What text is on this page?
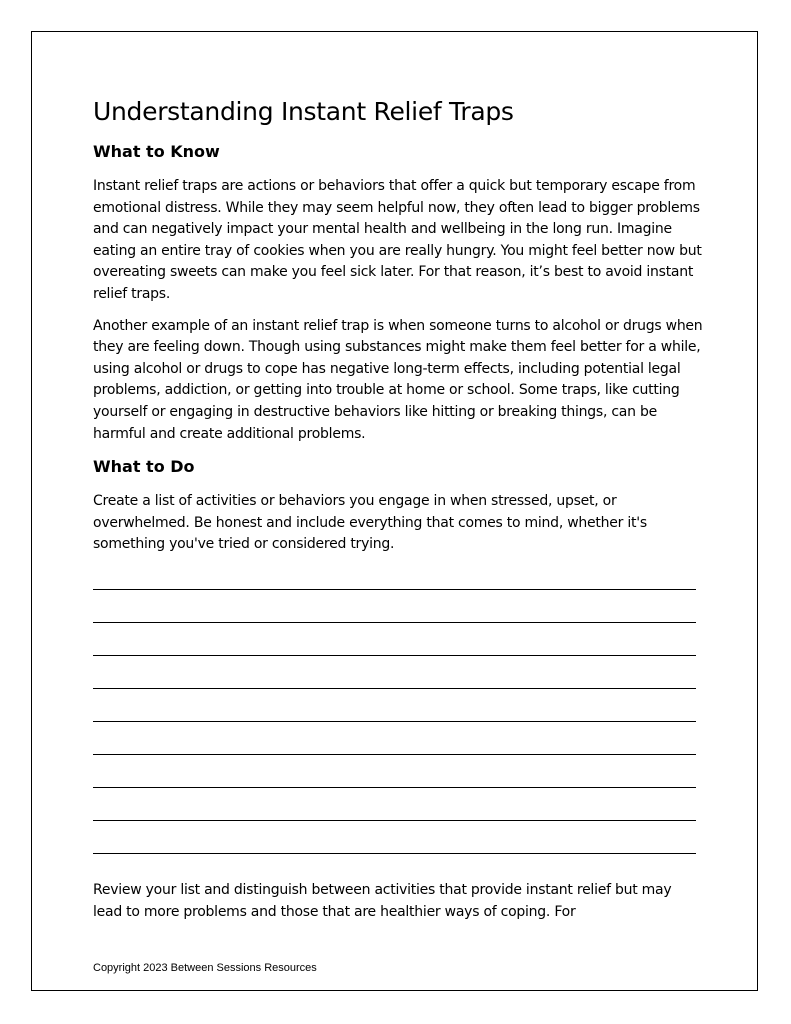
Understanding Instant Relief Traps
What to Know

Instant relief traps are actions or behaviors that offer a quick but temporary escape from emotional distress. While they may seem helpful now, they often lead to bigger problems and can negatively impact your mental health and wellbeing in the long run. Imagine eating an entire tray of cookies when you are really hungry. You might feel better now but overeating sweets can make you feel sick later. For that reason, it’s best to avoid instant relief traps.

Another example of an instant relief trap is when someone turns to alcohol or drugs when they are feeling down. Though using substances might make them feel better for a while, using alcohol or drugs to cope has negative long-term effects, including potential legal problems, addiction, or getting into trouble at home or school. Some traps, like cutting yourself or engaging in destructive behaviors like hitting or breaking things, can be harmful and create additional problems.

What to Do

Create a list of activities or behaviors you engage in when stressed, upset, or overwhelmed. Be honest and include everything that comes to mind, whether it's something you've tried or considered trying.

Review your list and distinguish between activities that provide instant relief but may lead to more problems and those that are healthier ways of coping. For

Copyright 2023 Between Sessions Resources
